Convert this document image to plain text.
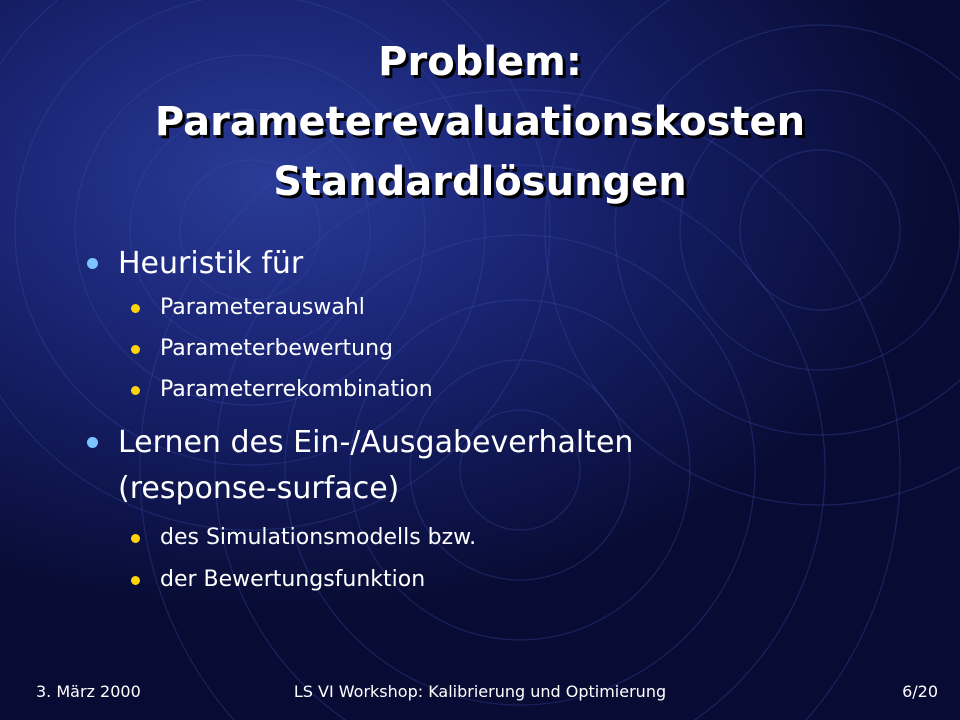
Problem:
Parameterevaluationskosten
Standardlösungen
Heuristik für
Parameterauswahl
Parameterbewertung
Parameterrekombination
Lernen des Ein-/Ausgabeverhalten
(response-surface)
des Simulationsmodells bzw.
der Bewertungsfunktion
3. März 2000	LS VI Workshop: Kalibrierung und Optimierung	6/20
